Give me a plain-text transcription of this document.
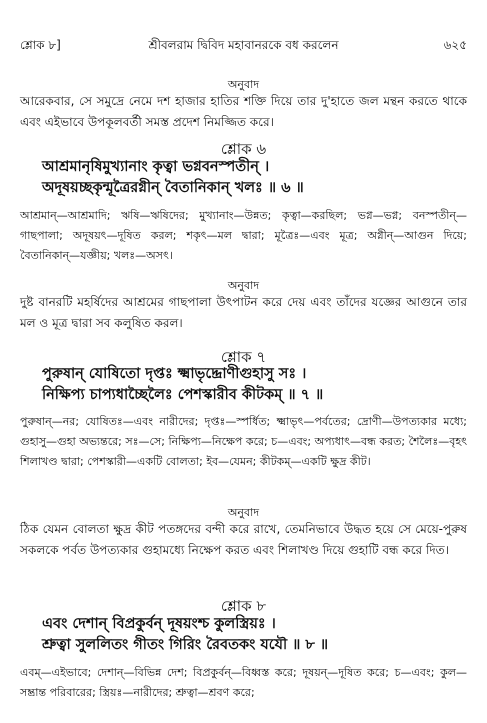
শ্লোক ৮]	শ্রীবলরাম দ্বিবিদ মহাবানরকে বধ করলেন	৬২৫
অনুবাদ
আরেকবার, সে সমুদ্রে নেমে দশ হাজার হাতির শক্তি দিয়ে তার দু'হাতে জল মন্থন করতে থাকে এবং এইভাবে উপকূলবর্তী সমস্ত প্রদেশ নিমজ্জিত করে।
শ্লোক ৬
আশ্রমানৃষিমুখ্যানাং কৃত্বা ভগ্নবনস্পতীন্ ।
অদূষয়চ্ছকৃন্মূত্রৈরগ্নীন্ বৈতানিকান্ খলঃ ॥ ৬ ॥
আশ্রমান্—আশ্রমাদি; ঋষি—ঋষিদের; মুখ্যানাং—উন্নত; কৃত্বা—করছিল; ভগ্ন—ভগ্ন; বনস্পতীন্—গাছপালা; অদূষয়ৎ—দূষিত করল; শকৃৎ—মল দ্বারা; মূত্রৈঃ—এবং মূত্র; অগ্নীন্—আগুন দিয়ে; বৈতানিকান্—যজ্ঞীয়; খলঃ—অসৎ।
অনুবাদ
দুষ্ট বানরটি মহর্ষিদের আশ্রমের গাছপালা উৎপাটন করে দেয় এবং তাঁদের যজ্ঞের আগুনে তার মল ও মূত্র দ্বারা সব কলুষিত করল।
শ্লোক ৭
পুরুষান্ যোষিতো দৃপ্তঃ ক্ষ্মাভৃদ্দ্রোণীগুহাসু সঃ ।
নিক্ষিপ্য চাপ্যধাচ্ছৈলৈঃ পেশস্কারীব কীটকম্ ॥ ৭ ॥
পুরুষান্—নর; যোষিতঃ—এবং নারীদের; দৃপ্তঃ—স্পর্ধিত; ক্ষ্মাভৃৎ—পর্বতের; দ্রোণী—উপত্যকার মধ্যে; গুহাসু—গুহা অভ্যন্তরে; সঃ—সে; নিক্ষিপ্য—নিক্ষেপ করে; চ—এবং; অপ্যধাৎ—বন্ধ করত; শৈলৈঃ—বৃহৎ শিলাখণ্ড দ্বারা; পেশস্কারী—একটি বোলতা; ইব—যেমন; কীটকম্—একটি ক্ষুদ্র কীট।
অনুবাদ
ঠিক যেমন বোলতা ক্ষুদ্র কীট পতঙ্গদের বন্দী করে রাখে, তেমনিভাবে উদ্ধত হয়ে সে মেয়ে-পুরুষ সকলকে পর্বত উপত্যকার গুহামধ্যে নিক্ষেপ করত এবং শিলাখণ্ড দিয়ে গুহাটি বন্ধ করে দিত।
শ্লোক ৮
এবং দেশান্ বিপ্রকুর্বন্ দূষয়ংশ্চ কুলস্ত্রিয়ঃ ।
শ্রুত্বা সুললিতং গীতং গিরিং রৈবতকং যযৌ ॥ ৮ ॥
এবম্—এইভাবে; দেশান্—বিভিন্ন দেশ; বিপ্রকুর্বন্—বিধ্বস্ত করে; দূষয়ন্—দূষিত করে; চ—এবং; কুল—সম্ভ্রান্ত পরিবারের; স্ত্রিয়ঃ—নারীদের; শ্রুত্বা—শ্রবণ করে;
